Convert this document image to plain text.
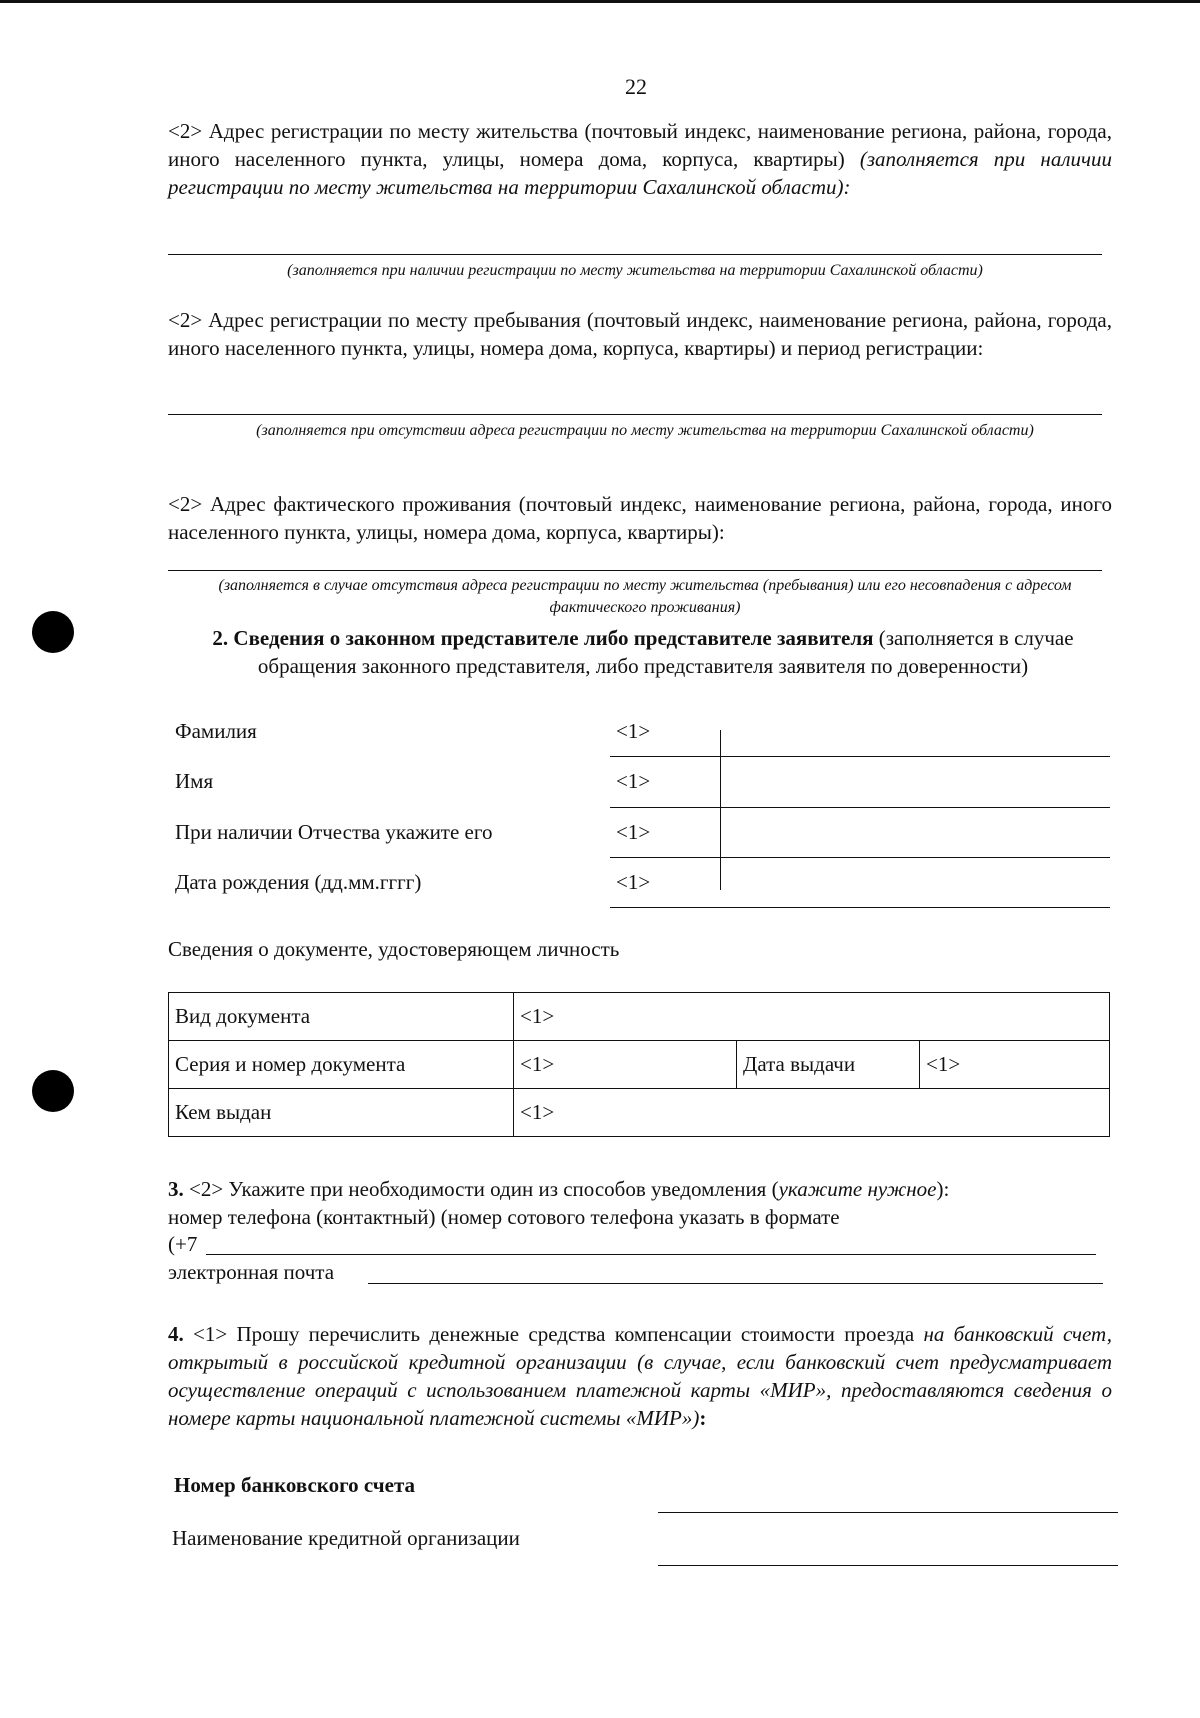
22
<2> Адрес регистрации по месту жительства (почтовый индекс, наименование региона, района, города, иного населенного пункта, улицы, номера дома, корпуса, квартиры) (заполняется при наличии регистрации по месту жительства на территории Сахалинской области):
(заполняется при наличии регистрации по месту жительства на территории Сахалинской области)
<2> Адрес регистрации по месту пребывания (почтовый индекс, наименование региона, района, города, иного населенного пункта, улицы, номера дома, корпуса, квартиры) и период регистрации:
(заполняется при отсутствии адреса регистрации по месту жительства на территории Сахалинской области)
<2> Адрес фактического проживания (почтовый индекс, наименование региона, района, города, иного населенного пункта, улицы, номера дома, корпуса, квартиры):
(заполняется в случае отсутствия адреса регистрации по месту жительства (пребывания) или его несовпадения с адресом фактического проживания)
2. Сведения о законном представителе либо представителе заявителя (заполняется в случае обращения законного представителя, либо представителя заявителя по доверенности)
Фамилия	<1>
Имя	<1>
При наличии Отчества укажите его	<1>
Дата рождения (дд.мм.гггг)	<1>
Сведения о документе, удостоверяющем личность
Вид документа	<1>		
Серия и номер документа	<1>	Дата выдачи	<1>
Кем выдан	<1>		
3. <2> Укажите при необходимости один из способов уведомления (укажите нужное):
номер телефона (контактный) (номер сотового телефона указать в формате
(+7
электронная почта
4. <1> Прошу перечислить денежные средства компенсации стоимости проезда на банковский счет, открытый в российской кредитной организации (в случае, если банковский счет предусматривает осуществление операций с использованием платежной карты «МИР», предоставляются сведения о номере карты национальной платежной системы «МИР»):
Номер банковского счета
Наименование кредитной организации
